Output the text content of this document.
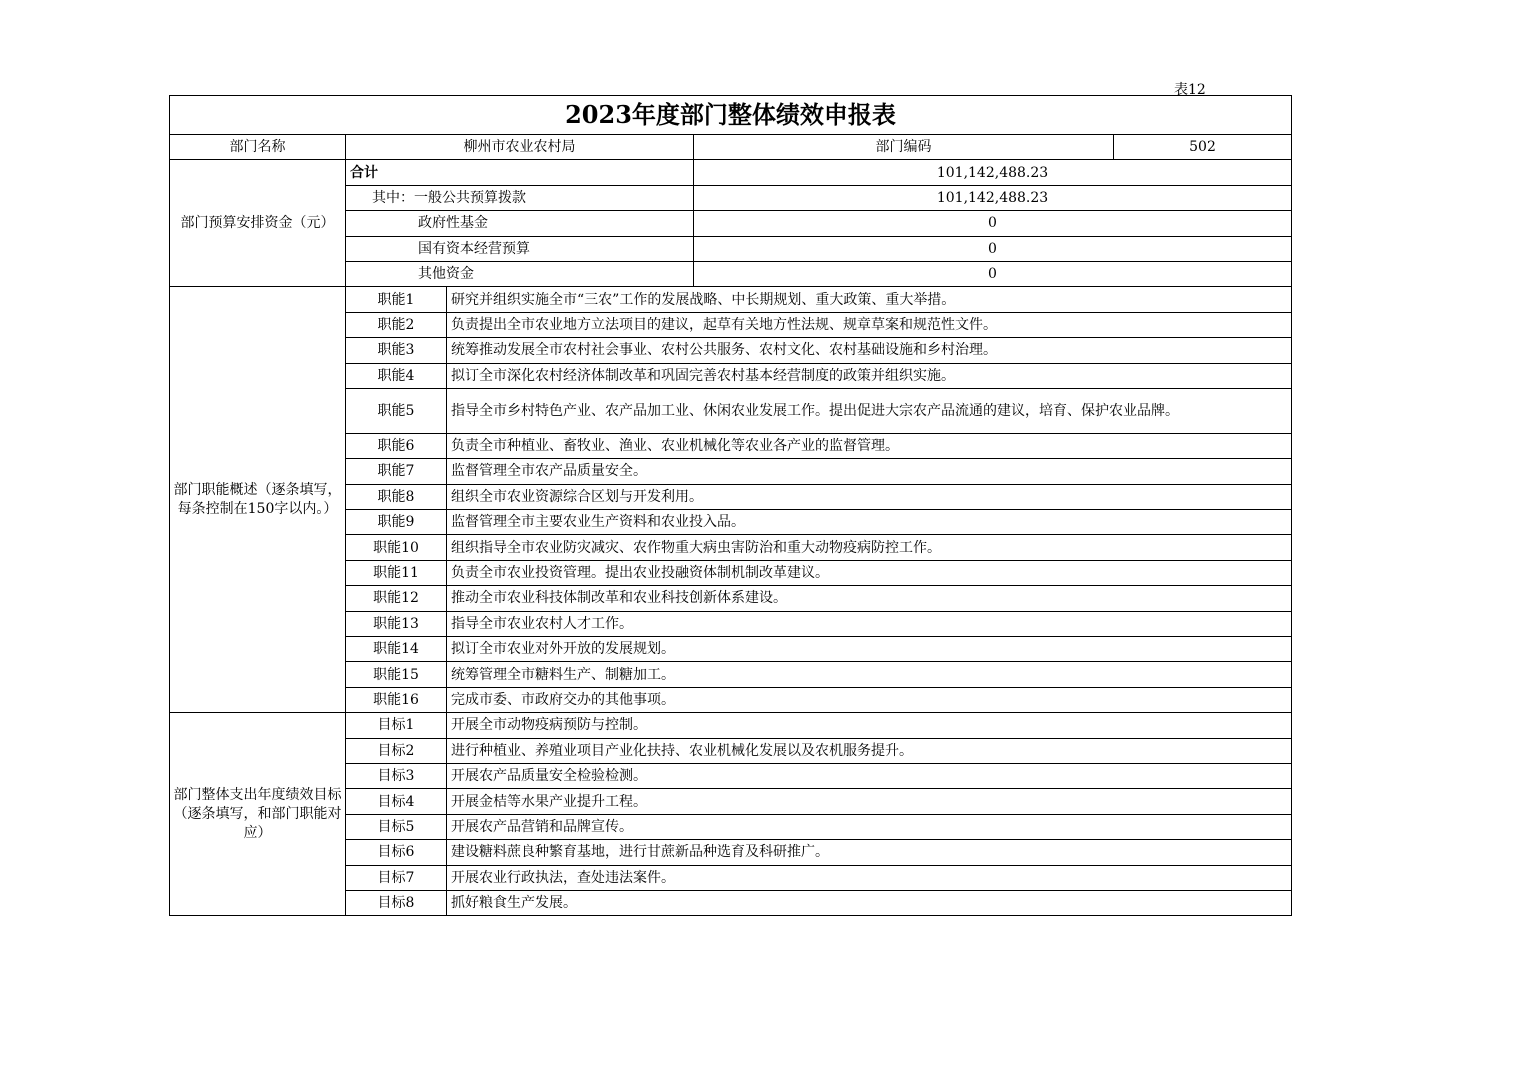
表12
2023年度部门整体绩效申报表				
部门名称	柳州市农业农村局		部门编码	502
部门预算安排资金（元）	合计		101,142,488.23	
	其中：一般公共预算拨款		101,142,488.23	
	政府性基金		0	
	国有资本经营预算		0	
	其他资金		0	
部门职能概述（逐条填写，每条控制在150字以内。）	职能1	研究并组织实施全市“三农”工作的发展战略、中长期规划、重大政策、重大举措。		
	职能2	负责提出全市农业地方立法项目的建议，起草有关地方性法规、规章草案和规范性文件。		
	职能3	统筹推动发展全市农村社会事业、农村公共服务、农村文化、农村基础设施和乡村治理。		
	职能4	拟订全市深化农村经济体制改革和巩固完善农村基本经营制度的政策并组织实施。		
	职能5	指导全市乡村特色产业、农产品加工业、休闲农业发展工作。提出促进大宗农产品流通的建议，培育、保护农业品牌。		
	职能6	负责全市种植业、畜牧业、渔业、农业机械化等农业各产业的监督管理。		
	职能7	监督管理全市农产品质量安全。		
	职能8	组织全市农业资源综合区划与开发利用。		
	职能9	监督管理全市主要农业生产资料和农业投入品。		
	职能10	组织指导全市农业防灾减灾、农作物重大病虫害防治和重大动物疫病防控工作。		
	职能11	负责全市农业投资管理。提出农业投融资体制机制改革建议。		
	职能12	推动全市农业科技体制改革和农业科技创新体系建设。		
	职能13	指导全市农业农村人才工作。		
	职能14	拟订全市农业对外开放的发展规划。		
	职能15	统筹管理全市糖料生产、制糖加工。		
	职能16	完成市委、市政府交办的其他事项。		
部门整体支出年度绩效目标（逐条填写，和部门职能对应）	目标1	开展全市动物疫病预防与控制。		
	目标2	进行种植业、养殖业项目产业化扶持、农业机械化发展以及农机服务提升。		
	目标3	开展农产品质量安全检验检测。		
	目标4	开展金桔等水果产业提升工程。		
	目标5	开展农产品营销和品牌宣传。		
	目标6	建设糖料蔗良种繁育基地，进行甘蔗新品种选育及科研推广。		
	目标7	开展农业行政执法，查处违法案件。		
	目标8	抓好粮食生产发展。		
